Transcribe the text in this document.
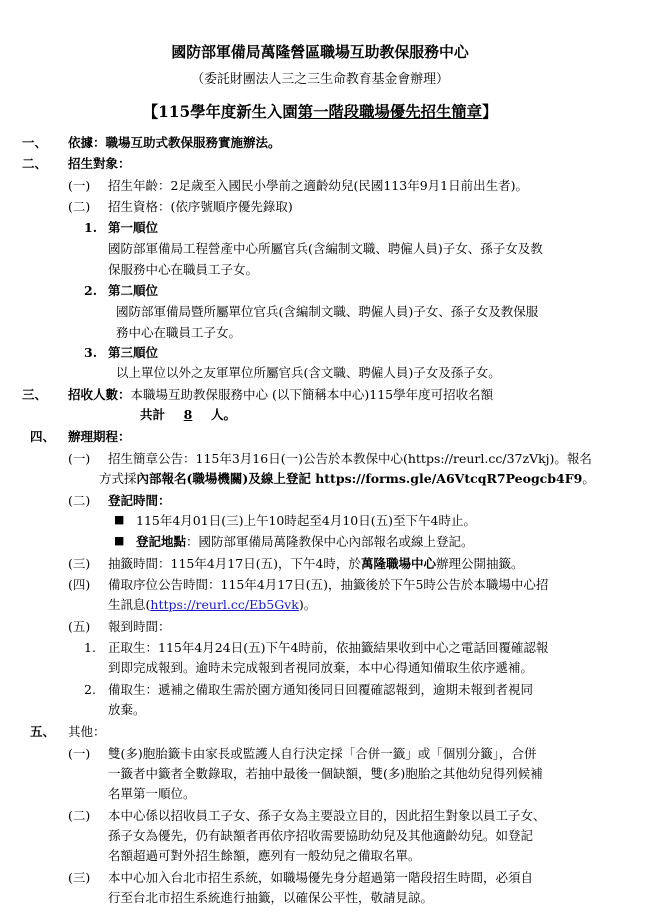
國防部軍備局萬隆營區職場互助教保服務中心
（委託財團法人三之三生命教育基金會辦理）
【115學年度新生入園第一階段職場優先招生簡章】
一、 依據：職場互助式教保服務實施辦法。
二、 招生對象：
(一) 招生年齡：2足歲至入國民小學前之適齡幼兒(民國113年9月1日前出生者)。
(二) 招生資格：(依序號順序優先錄取)
1. 第一順位
國防部軍備局工程營產中心所屬官兵(含編制文職、聘僱人員)子女、孫子女及教
保服務中心在職員工子女。
2. 第二順位
國防部軍備局暨所屬單位官兵(含編制文職、聘僱人員)子女、孫子女及教保服
務中心在職員工子女。
3. 第三順位
以上單位以外之友軍單位所屬官兵(含文職、聘僱人員)子女及孫子女。
三、 招收人數：本職場互助教保服務中心 (以下簡稱本中心)115學年度可招收名額
共計 8 人。
四、 辦理期程：
(一) 招生簡章公告：115年3月16日(一)公告於本教保中心(https://reurl.cc/37zVkj)。報名
方式採內部報名(職場機關)及線上登記 https://forms.gle/A6VtcqR7Peogcb4F9。
(二) 登記時間：
■ 115年4月01日(三)上午10時起至4月10日(五)至下午4時止。
■ 登記地點：國防部軍備局萬隆教保中心內部報名或線上登記。
(三) 抽籤時間：115年4月17日(五)，下午4時，於萬隆職場中心辦理公開抽籤。
(四) 備取序位公告時間：115年4月17日(五)，抽籤後於下午5時公告於本職場中心招
生訊息(https://reurl.cc/Eb5Gvk)。
(五) 報到時間：
1. 正取生：115年4月24日(五)下午4時前，依抽籤結果收到中心之電話回覆確認報
到即完成報到。逾時未完成報到者視同放棄，本中心得通知備取生依序遞補。
2. 備取生：遞補之備取生需於園方通知後同日回覆確認報到，逾期未報到者視同
放棄。
五、 其他：
(一) 雙(多)胞胎籤卡由家長或監護人自行決定採「合併一籤」或「個別分籤」，合併
一籤者中籤者全數錄取，若抽中最後一個缺額，雙(多)胞胎之其他幼兒得列候補
名單第一順位。
(二) 本中心係以招收員工子女、孫子女為主要設立目的，因此招生對象以員工子女、
孫子女為優先，仍有缺額者再依序招收需要協助幼兒及其他適齡幼兒。如登記
名額超過可對外招生餘額，應列有一般幼兒之備取名單。
(三) 本中心加入台北市招生系統，如職場優先身分超過第一階段招生時間，必須自
行至台北市招生系統進行抽籤，以確保公平性，敬請見諒。
